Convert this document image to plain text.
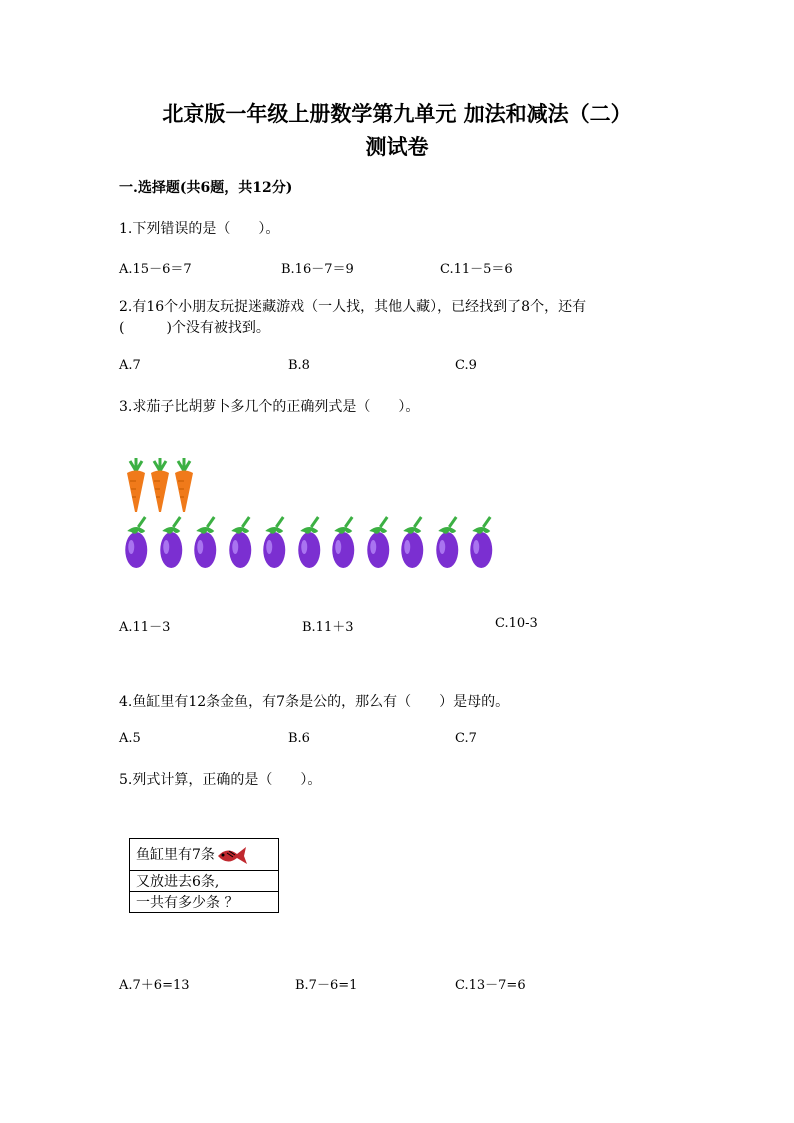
北京版一年级上册数学第九单元 加法和减法（二）
测试卷
一.选择题(共6题，共12分)
1.下列错误的是（　　）。
A.15－6＝7	B.16－7＝9	C.11－5＝6
2.有16个小朋友玩捉迷藏游戏（一人找，其他人藏），已经找到了8个，还有
(　　　)个没有被找到。
A.7	B.8	C.9
3.求茄子比胡萝卜多几个的正确列式是（　　）。
A.11－3	B.11＋3	C.10-3
4.鱼缸里有12条金鱼，有7条是公的，那么有（　　）是母的。
A.5	B.6	C.7
5.列式计算，正确的是（　　）。
鱼缸里有7条
又放进去6条,
一共有多少条 ？
A.7＋6=13	B.7－6=1	C.13－7=6
